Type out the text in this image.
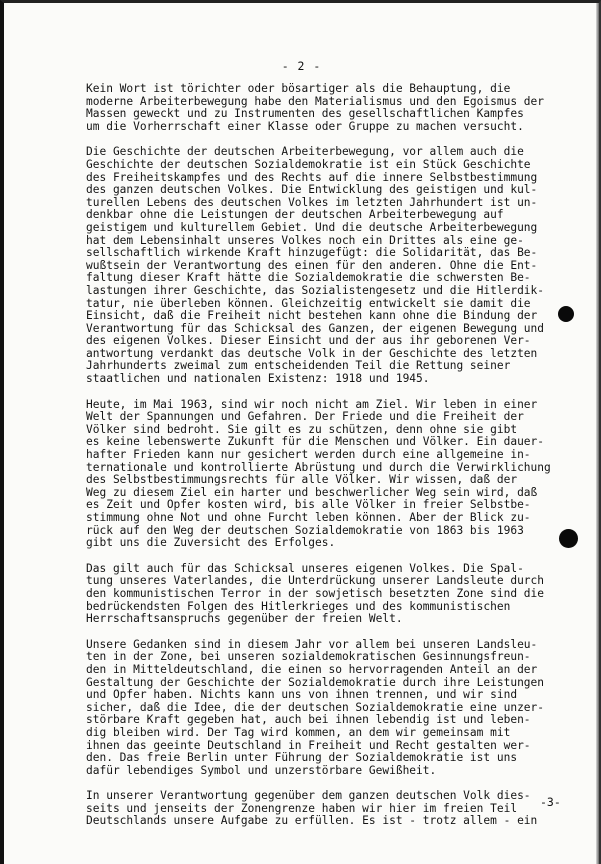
- 2 -

Kein Wort ist törichter oder bösartiger als die Behauptung, die
moderne Arbeiterbewegung habe den Materialismus und den Egoismus der
Massen geweckt und zu Instrumenten des gesellschaftlichen Kampfes
um die Vorherrschaft einer Klasse oder Gruppe zu machen versucht.

Die Geschichte der deutschen Arbeiterbewegung, vor allem auch die
Geschichte der deutschen Sozialdemokratie ist ein Stück Geschichte
des Freiheitskampfes und des Rechts auf die innere Selbstbestimmung
des ganzen deutschen Volkes. Die Entwicklung des geistigen und kul-
turellen Lebens des deutschen Volkes im letzten Jahrhundert ist un-
denkbar ohne die Leistungen der deutschen Arbeiterbewegung auf
geistigem und kulturellem Gebiet. Und die deutsche Arbeiterbewegung
hat dem Lebensinhalt unseres Volkes noch ein Drittes als eine ge-
sellschaftlich wirkende Kraft hinzugefügt: die Solidarität, das Be-
wußtsein der Verantwortung des einen für den anderen. Ohne die Ent-
faltung dieser Kraft hätte die Sozialdemokratie die schwersten Be-
lastungen ihrer Geschichte, das Sozialistengesetz und die Hitlerdik-
tatur, nie überleben können. Gleichzeitig entwickelt sie damit die
Einsicht, daß die Freiheit nicht bestehen kann ohne die Bindung der
Verantwortung für das Schicksal des Ganzen, der eigenen Bewegung und
des eigenen Volkes. Dieser Einsicht und der aus ihr geborenen Ver-
antwortung verdankt das deutsche Volk in der Geschichte des letzten
Jahrhunderts zweimal zum entscheidenden Teil die Rettung seiner
staatlichen und nationalen Existenz: 1918 und 1945.

Heute, im Mai 1963, sind wir noch nicht am Ziel. Wir leben in einer
Welt der Spannungen und Gefahren. Der Friede und die Freiheit der
Völker sind bedroht. Sie gilt es zu schützen, denn ohne sie gibt
es keine lebenswerte Zukunft für die Menschen und Völker. Ein dauer-
hafter Frieden kann nur gesichert werden durch eine allgemeine in-
ternationale und kontrollierte Abrüstung und durch die Verwirklichung
des Selbstbestimmungsrechts für alle Völker. Wir wissen, daß der
Weg zu diesem Ziel ein harter und beschwerlicher Weg sein wird, daß
es Zeit und Opfer kosten wird, bis alle Völker in freier Selbstbe-
stimmung ohne Not und ohne Furcht leben können. Aber der Blick zu-
rück auf den Weg der deutschen Sozialdemokratie von 1863 bis 1963
gibt uns die Zuversicht des Erfolges.

Das gilt auch für das Schicksal unseres eigenen Volkes. Die Spal-
tung unseres Vaterlandes, die Unterdrückung unserer Landsleute durch
den kommunistischen Terror in der sowjetisch besetzten Zone sind die
bedrückendsten Folgen des Hitlerkrieges und des kommunistischen
Herrschaftsanspruchs gegenüber der freien Welt.

Unsere Gedanken sind in diesem Jahr vor allem bei unseren Landsleu-
ten in der Zone, bei unseren sozialdemokratischen Gesinnungsfreun-
den in Mitteldeutschland, die einen so hervorragenden Anteil an der
Gestaltung der Geschichte der Sozialdemokratie durch ihre Leistungen
und Opfer haben. Nichts kann uns von ihnen trennen, und wir sind
sicher, daß die Idee, die der deutschen Sozialdemokratie eine unzer-
störbare Kraft gegeben hat, auch bei ihnen lebendig ist und leben-
dig bleiben wird. Der Tag wird kommen, an dem wir gemeinsam mit
ihnen das geeinte Deutschland in Freiheit und Recht gestalten wer-
den. Das freie Berlin unter Führung der Sozialdemokratie ist uns
dafür lebendiges Symbol und unzerstörbare Gewißheit.

In unserer Verantwortung gegenüber dem ganzen deutschen Volk dies-
seits und jenseits der Zonengrenze haben wir hier im freien Teil
Deutschlands unsere Aufgabe zu erfüllen. Es ist - trotz allem - ein

-3-
